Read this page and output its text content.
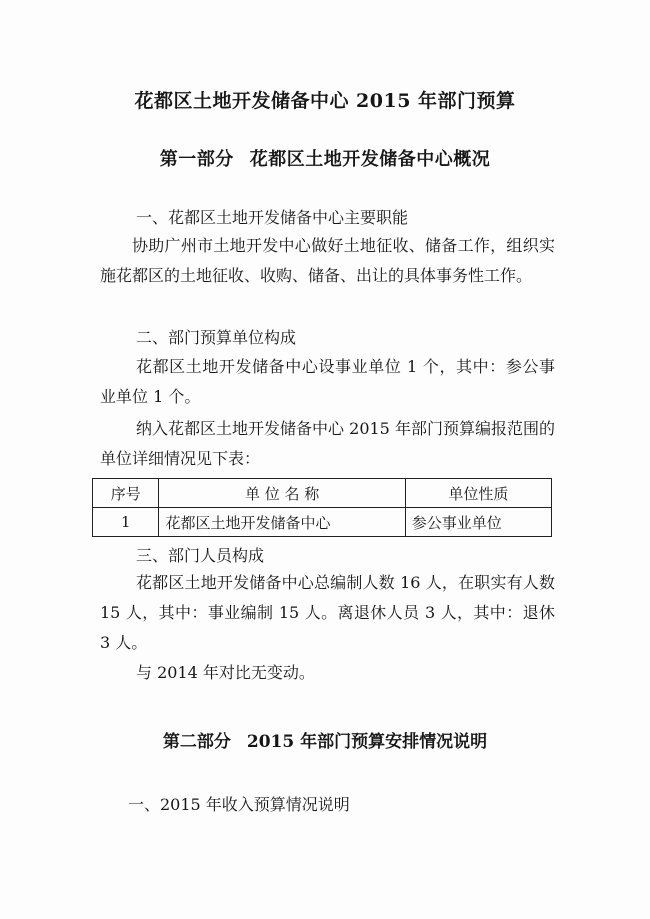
花都区土地开发储备中心 2015 年部门预算
第一部分 花都区土地开发储备中心概况
一、花都区土地开发储备中心主要职能
协助广州市土地开发中心做好土地征收、储备工作，组织实施花都区的土地征收、收购、储备、出让的具体事务性工作。
二、部门预算单位构成
花都区土地开发储备中心设事业单位 1 个，其中：参公事业单位 1 个。
纳入花都区土地开发储备中心 2015 年部门预算编报范围的单位详细情况见下表：
序号	单 位 名 称	单位性质
1	花都区土地开发储备中心	参公事业单位
三、部门人员构成
花都区土地开发储备中心总编制人数 16 人，在职实有人数 15 人，其中：事业编制 15 人。离退休人员 3 人，其中：退休 3 人。
与 2014 年对比无变动。
第二部分 2015 年部门预算安排情况说明
一、2015 年收入预算情况说明
